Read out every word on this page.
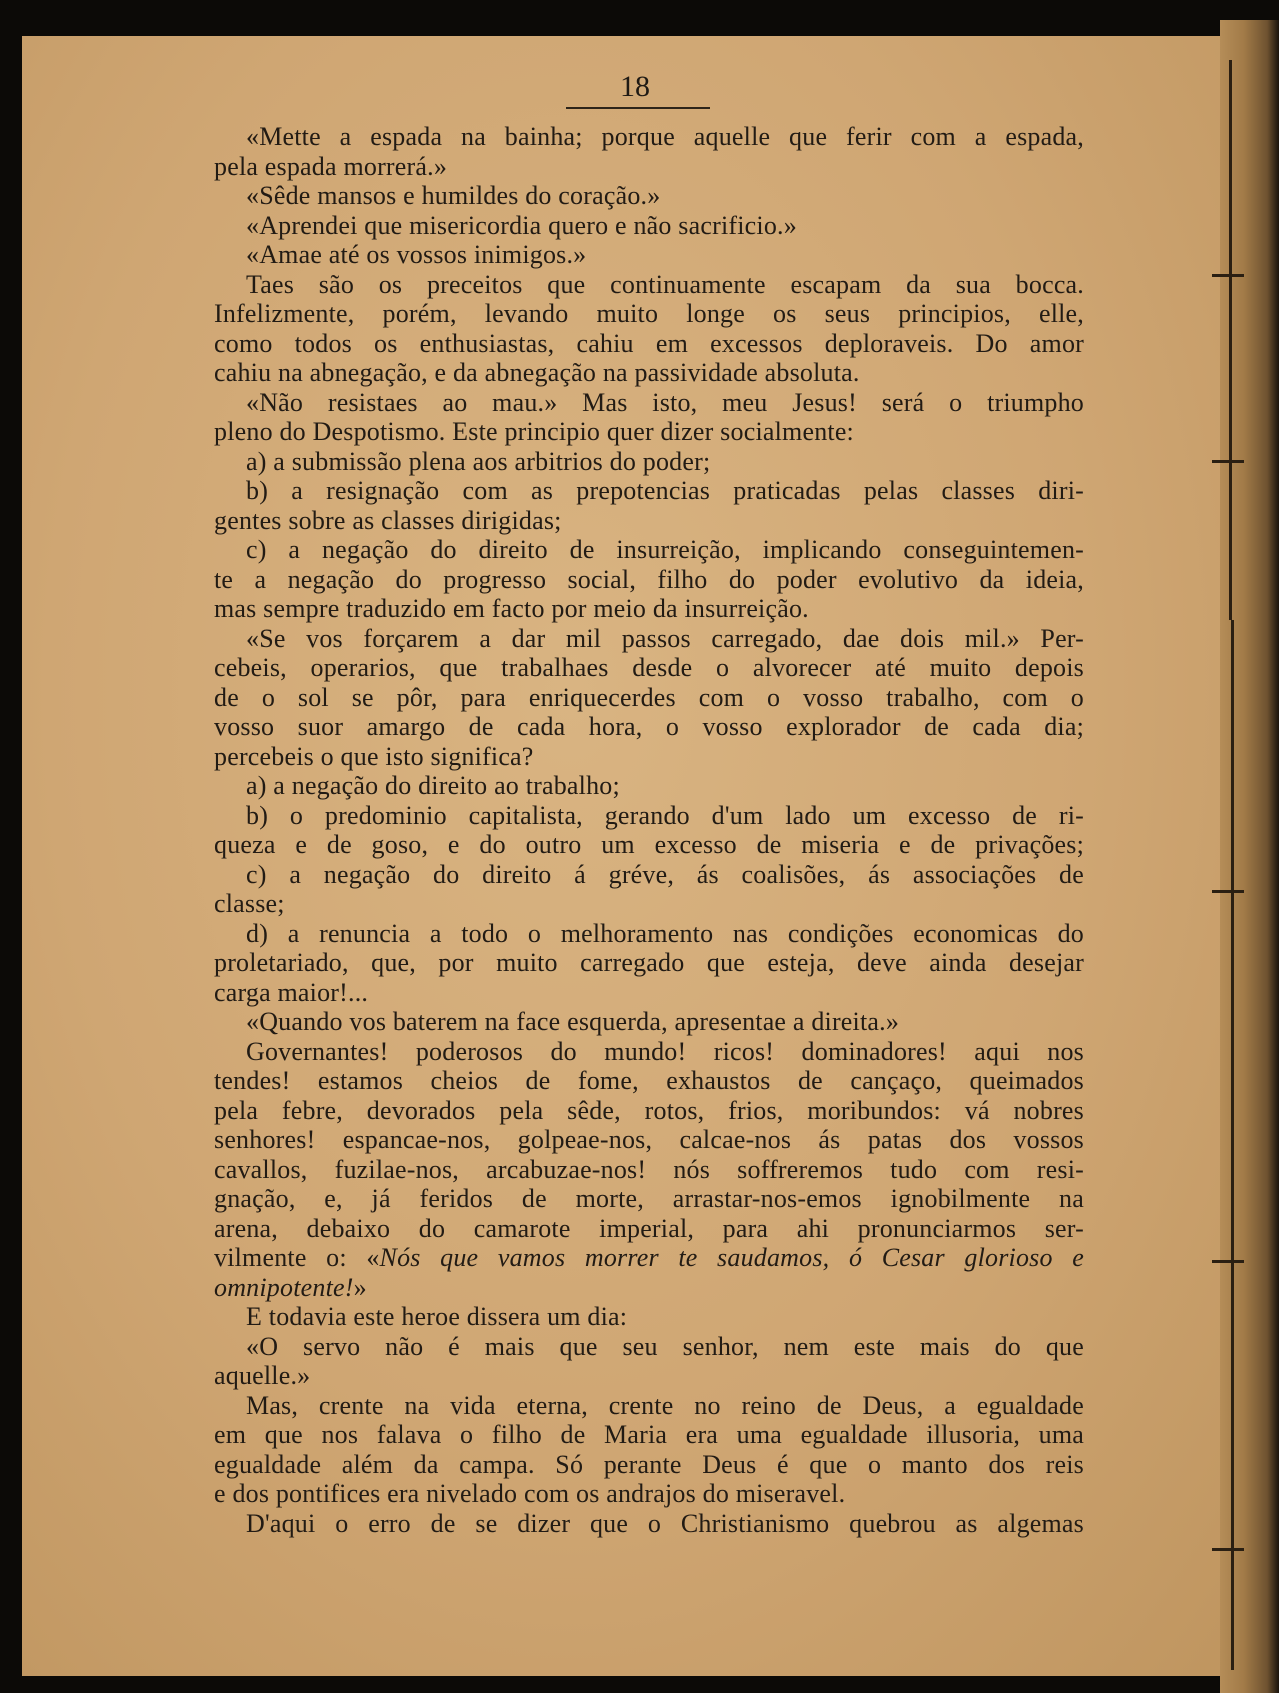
18
«Mette a espada na bainha; porque aquelle que ferir com a espada,
pela espada morrerá.»
«Sêde mansos e humildes do coração.»
«Aprendei que misericordia quero e não sacrificio.»
«Amae até os vossos inimigos.»
Taes são os preceitos que continuamente escapam da sua bocca.
Infelizmente, porém, levando muito longe os seus principios, elle,
como todos os enthusiastas, cahiu em excessos deploraveis. Do amor
cahiu na abnegação, e da abnegação na passividade absoluta.
«Não resistaes ao mau.» Mas isto, meu Jesus! será o triumpho
pleno do Despotismo. Este principio quer dizer socialmente:
a) a submissão plena aos arbitrios do poder;
b) a resignação com as prepotencias praticadas pelas classes diri-
gentes sobre as classes dirigidas;
c) a negação do direito de insurreição, implicando conseguintemen-
te a negação do progresso social, filho do poder evolutivo da ideia,
mas sempre traduzido em facto por meio da insurreição.
«Se vos forçarem a dar mil passos carregado, dae dois mil.» Per-
cebeis, operarios, que trabalhaes desde o alvorecer até muito depois
de o sol se pôr, para enriquecerdes com o vosso trabalho, com o
vosso suor amargo de cada hora, o vosso explorador de cada dia;
percebeis o que isto significa?
a) a negação do direito ao trabalho;
b) o predominio capitalista, gerando d'um lado um excesso de ri-
queza e de goso, e do outro um excesso de miseria e de privações;
c) a negação do direito á gréve, ás coalisões, ás associações de
classe;
d) a renuncia a todo o melhoramento nas condições economicas do
proletariado, que, por muito carregado que esteja, deve ainda desejar
carga maior!...
«Quando vos baterem na face esquerda, apresentae a direita.»
Governantes! poderosos do mundo! ricos! dominadores! aqui nos
tendes! estamos cheios de fome, exhaustos de cançaço, queimados
pela febre, devorados pela sêde, rotos, frios, moribundos: vá nobres
senhores! espancae-nos, golpeae-nos, calcae-nos ás patas dos vossos
cavallos, fuzilae-nos, arcabuzae-nos! nós soffreremos tudo com resi-
gnação, e, já feridos de morte, arrastar-nos-emos ignobilmente na
arena, debaixo do camarote imperial, para ahi pronunciarmos ser-
vilmente o: «Nós que vamos morrer te saudamos, ó Cesar glorioso e
omnipotente!»
E todavia este heroe dissera um dia:
«O servo não é mais que seu senhor, nem este mais do que
aquelle.»
Mas, crente na vida eterna, crente no reino de Deus, a egualdade
em que nos falava o filho de Maria era uma egualdade illusoria, uma
egualdade além da campa. Só perante Deus é que o manto dos reis
e dos pontifices era nivelado com os andrajos do miseravel.
D'aqui o erro de se dizer que o Christianismo quebrou as algemas
